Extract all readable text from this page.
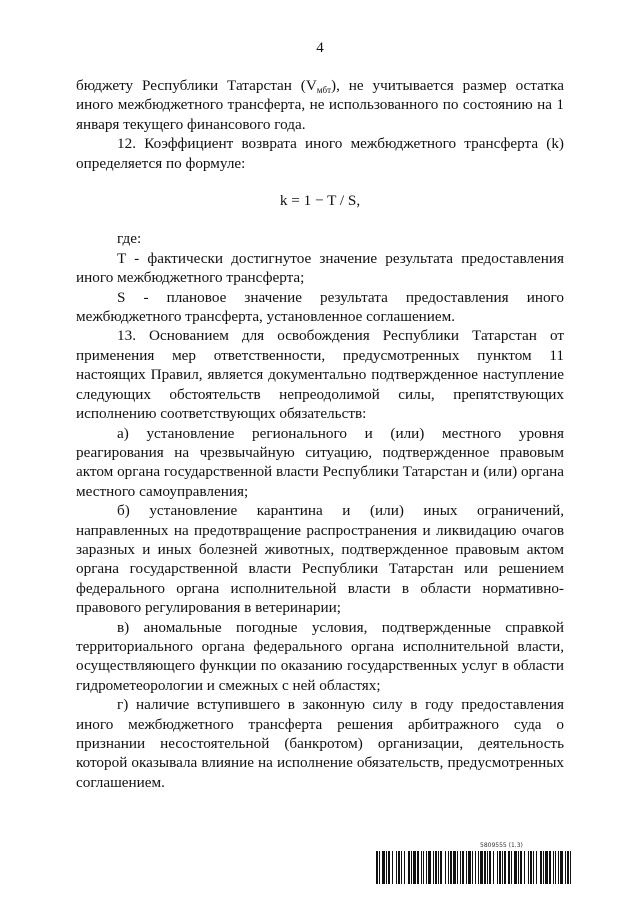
4

бюджету Республики Татарстан $(V_{мбт})$, не учитывается размер остатка иного межбюджетного трансферта, не использованного по состоянию на 1 января текущего финансового года.

12. Коэффициент возврата иного межбюджетного трансферта (k) определяется по формуле:

k = 1 − T / S,

где:

T - фактически достигнутое значение результата предоставления иного межбюджетного трансферта;

S - плановое значение результата предоставления иного межбюджетного трансферта, установленное соглашением.

13. Основанием для освобождения Республики Татарстан от применения мер ответственности, предусмотренных пунктом 11 настоящих Правил, является документально подтвержденное наступление следующих обстоятельств непреодолимой силы, препятствующих исполнению соответствующих обязательств:

а) установление регионального и (или) местного уровня реагирования на чрезвычайную ситуацию, подтвержденное правовым актом органа государственной власти Республики Татарстан и (или) органа местного самоуправления;

б) установление карантина и (или) иных ограничений, направленных на предотвращение распространения и ликвидацию очагов заразных и иных болезней животных, подтвержденное правовым актом органа государственной власти Республики Татарстан или решением федерального органа исполнительной власти в области нормативно-правового регулирования в ветеринарии;

в) аномальные погодные условия, подтвержденные справкой территориального органа федерального органа исполнительной власти, осуществляющего функции по оказанию государственных услуг в области гидрометеорологии и смежных с ней областях;

г) наличие вступившего в законную силу в году предоставления иного межбюджетного трансферта решения арбитражного суда о признании несостоятельной (банкротом) организации, деятельность которой оказывала влияние на исполнение обязательств, предусмотренных соглашением.

5809555 (1.3)
